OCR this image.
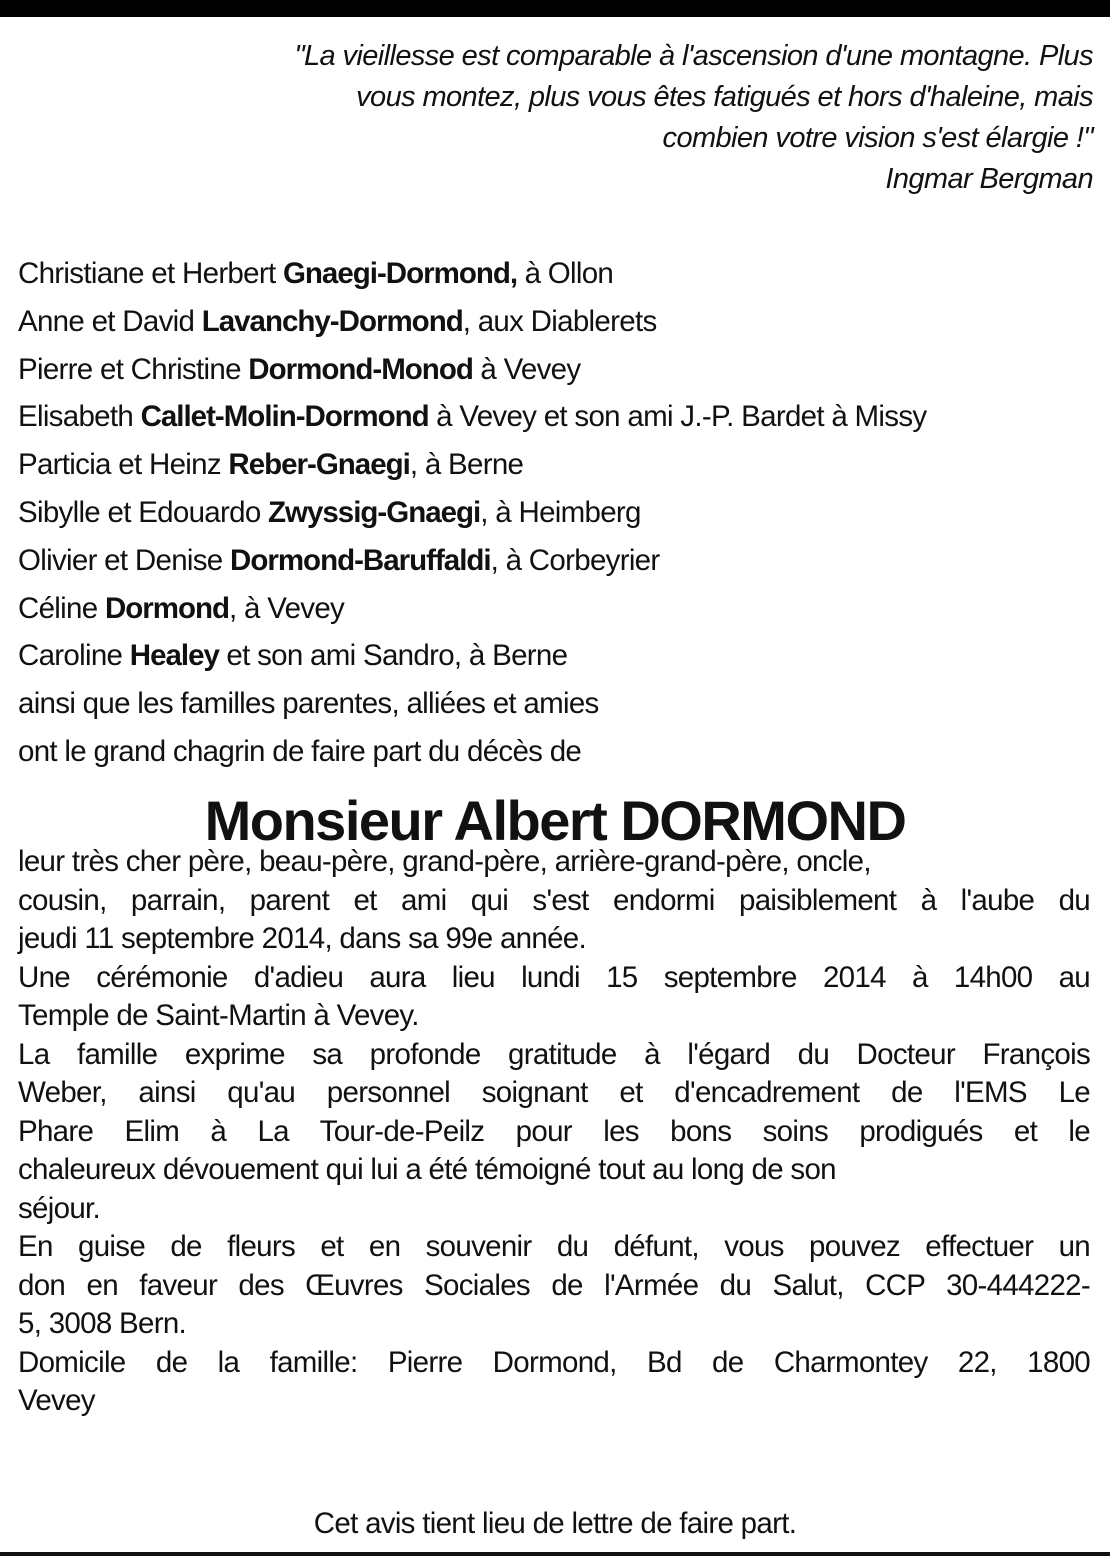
"La vieillesse est comparable à l'ascension d'une montagne. Plus
vous montez, plus vous êtes fatigués et hors d'haleine, mais
combien votre vision s'est élargie !"
Ingmar Bergman
Christiane et Herbert Gnaegi-Dormond, à Ollon
Anne et David Lavanchy-Dormond, aux Diablerets
Pierre et Christine Dormond-Monod à Vevey
Elisabeth Callet-Molin-Dormond à Vevey et son ami J.-P. Bardet à Missy
Particia et Heinz Reber-Gnaegi, à Berne
Sibylle et Edouardo Zwyssig-Gnaegi, à Heimberg
Olivier et Denise Dormond-Baruffaldi, à Corbeyrier
Céline Dormond, à Vevey
Caroline Healey et son ami Sandro, à Berne
ainsi que les familles parentes, alliées et amies
ont le grand chagrin de faire part du décès de
Monsieur Albert DORMOND
leur très cher père, beau-père, grand-père, arrière-grand-père, oncle,
cousin, parrain, parent et ami qui s'est endormi paisiblement à l'aube du
jeudi 11 septembre 2014, dans sa 99e année.
Une cérémonie d'adieu aura lieu lundi 15 septembre 2014 à 14h00 au
Temple de Saint-Martin à Vevey.
La famille exprime sa profonde gratitude à l'égard du Docteur François
Weber, ainsi qu'au personnel soignant et d'encadrement de l'EMS Le
Phare Elim à La Tour-de-Peilz pour les bons soins prodigués et le
chaleureux dévouement qui lui a été témoigné tout au long de son
séjour.
En guise de fleurs et en souvenir du défunt, vous pouvez effectuer un
don en faveur des Œuvres Sociales de l'Armée du Salut, CCP 30-444222-
5, 3008 Bern.
Domicile de la famille: Pierre Dormond, Bd de Charmontey 22, 1800
Vevey
Cet avis tient lieu de lettre de faire part.
